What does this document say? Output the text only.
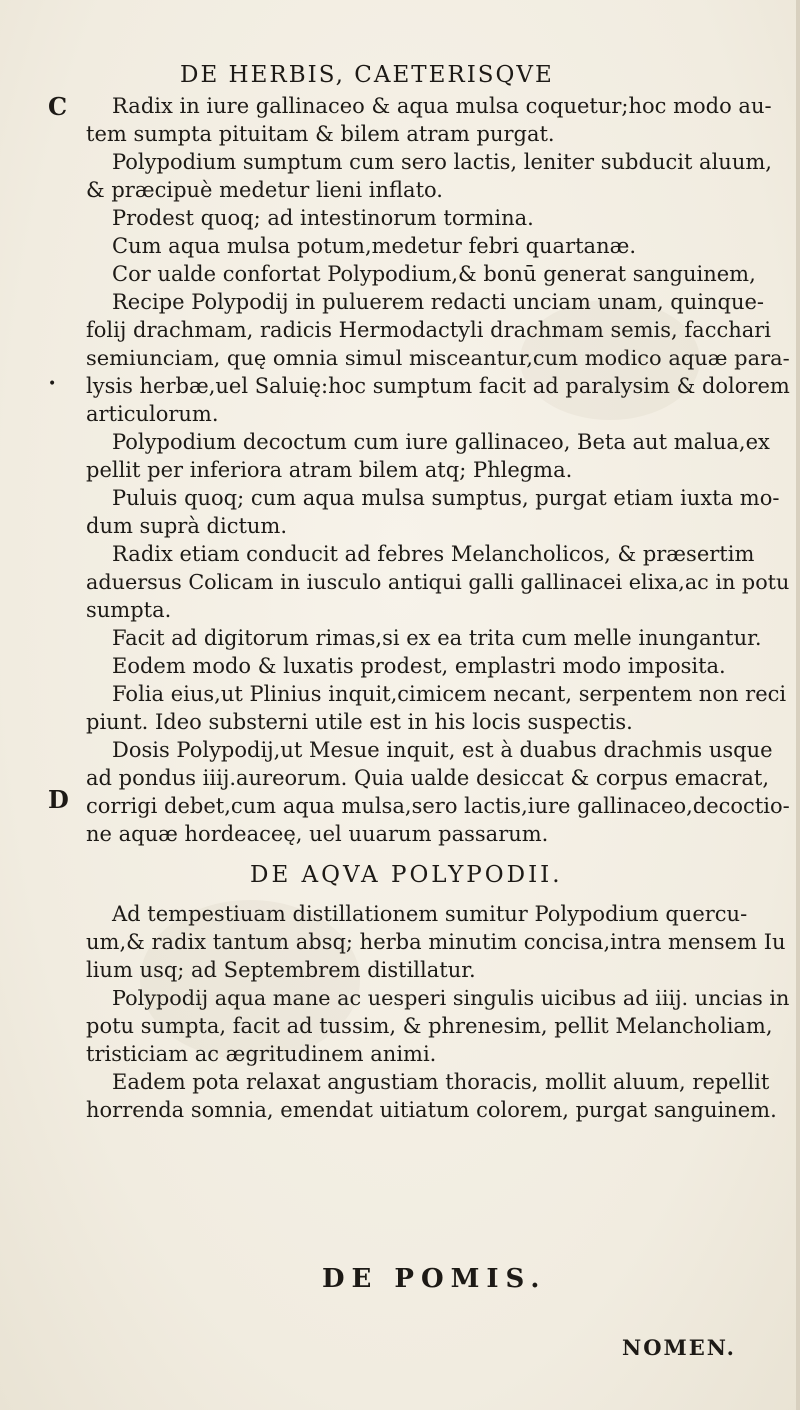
DE HERBIS, CAETERISQVE
C
•
D
Radix in iure gallinaceo & aqua mulsa coquetur;hoc modo au-
tem sumpta pituitam & bilem atram purgat.
Polypodium sumptum cum sero lactis, leniter subducit aluum,
& præcipuè medetur lieni inflato.
Prodest quoq; ad intestinorum tormina.
Cum aqua mulsa potum,medetur febri quartanæ.
Cor ualde confortat Polypodium,& bonū generat sanguinem,
Recipe Polypodij in puluerem redacti unciam unam, quinque-
folij drachmam, radicis Hermodactyli drachmam semis, facchari
semiunciam, quę omnia simul misceantur,cum modico aquæ para-
lysis herbæ,uel Saluię:hoc sumptum facit ad paralysim & dolorem
articulorum.
Polypodium decoctum cum iure gallinaceo, Beta aut malua,ex
pellit per inferiora atram bilem atq; Phlegma.
Puluis quoq; cum aqua mulsa sumptus, purgat etiam iuxta mo-
dum suprà dictum.
Radix etiam conducit ad febres Melancholicos, & præsertim
aduersus Colicam in iusculo antiqui galli gallinacei elixa,ac in potu
sumpta.
Facit ad digitorum rimas,si ex ea trita cum melle inungantur.
Eodem modo & luxatis prodest, emplastri modo imposita.
Folia eius,ut Plinius inquit,cimicem necant, serpentem non reci
piunt. Ideo substerni utile est in his locis suspectis.
Dosis Polypodij,ut Mesue inquit, est à duabus drachmis usque
ad pondus iiij.aureorum. Quia ualde desiccat & corpus emacrat,
corrigi debet,cum aqua mulsa,sero lactis,iure gallinaceo,decoctio-
ne aquæ hordeaceę, uel uuarum passarum.
DE AQVA POLYPODII.
Ad tempestiuam distillationem sumitur Polypodium quercu-
um,& radix tantum absq; herba minutim concisa,intra mensem Iu
lium usq; ad Septembrem distillatur.
Polypodij aqua mane ac uesperi singulis uicibus ad iiij. uncias in
potu sumpta, facit ad tussim, & phrenesim, pellit Melancholiam,
tristiciam ac ægritudinem animi.
Eadem pota relaxat angustiam thoracis, mollit aluum, repellit
horrenda somnia, emendat uitiatum colorem, purgat sanguinem.
DE POMIS.
NOMEN.
